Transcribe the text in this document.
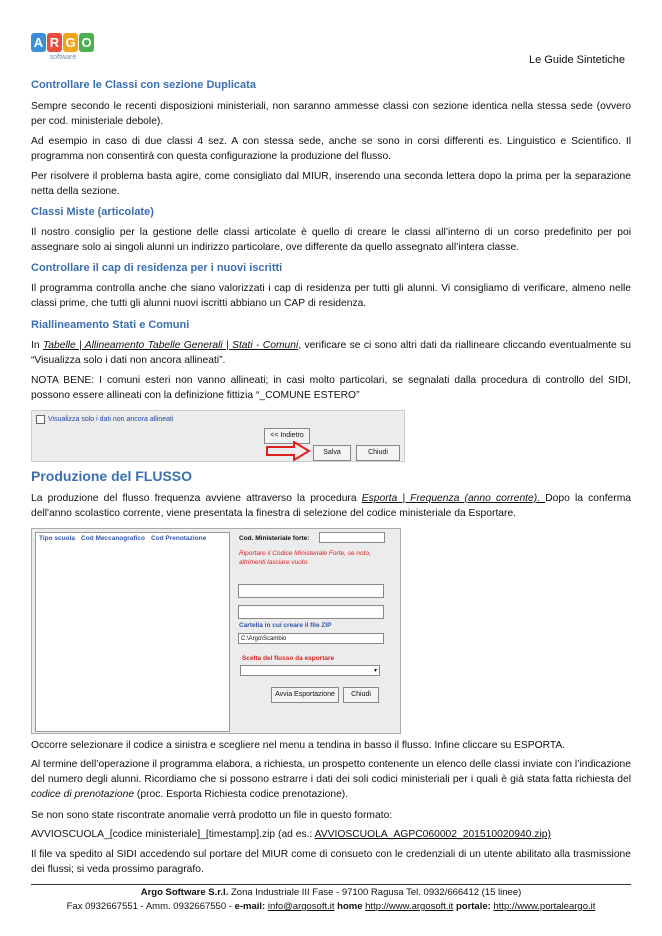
A R G O
software	Le Guide Sintetiche
Controllare le Classi con sezione Duplicata

Sempre secondo le recenti disposizioni ministeriali, non saranno ammesse classi con sezione identica nella stessa sede (ovvero per cod. ministeriale debole).

Ad esempio in caso di due classi 4 sez. A con stessa sede, anche se sono in corsi differenti es. Linguistico e Scientifico. Il programma non consentirà con questa configurazione la produzione del flusso.

Per risolvere il problema basta agire, come consigliato dal MIUR, inserendo una seconda lettera dopo la prima per la separazione netta della sezione.

Classi Miste (articolate)

Il nostro consiglio per la gestione delle classi articolate è quello di creare le classi all’interno di un corso predefinito per poi assegnare solo ai singoli alunni un indirizzo particolare, ove differente da quello assegnato all’intera classe.

Controllare il cap di residenza per i nuovi iscritti

Il programma controlla anche che siano valorizzati i cap di residenza per tutti gli alunni. Vi consigliamo di verificare, almeno nelle classi prime, che tutti gli alunni nuovi iscritti abbiano un CAP di residenza.

Riallineamento Stati e Comuni

In Tabelle | Allineamento Tabelle Generali | Stati - Comuni, verificare se ci sono altri dati da riallineare cliccando eventualmente su “Visualizza solo i dati non ancora allineati”.

NOTA BENE: I comuni esteri non vanno allineati; in casi molto particolari, se segnalati dalla procedura di controllo del SIDI, possono essere allineati con la definizione fittizia “_COMUNE ESTERO”

Visualizza solo i dati non ancora allineati
<< Indietro
Salva	Chiudi
Produzione del FLUSSO

La produzione del flusso frequenza avviene attraverso la procedura Esporta | Frequenza (anno corrente). Dopo la conferma dell'anno scolastico corrente, viene presentata la finestra di selezione del codice ministeriale da Esportare.

Tipo scuola Cod Meccanografico Cod Prenotazione	Cod. Ministeriale forte:
Riportare il Codice Ministeriale Forte, se noto, altrimenti lasciare vuoto.
Cartella in cui creare il file ZIP
C:\Argo\Scambio
Scelta del flusso da esportare
▾
Avvia Esportazione	Chiudi

Occorre selezionare il codice a sinistra e scegliere nel menu a tendina in basso il flusso. Infine cliccare su ESPORTA.

Al termine dell’operazione il programma elabora, a richiesta, un prospetto contenente un elenco delle classi inviate con l’indicazione del numero degli alunni. Ricordiamo che si possono estrarre i dati dei soli codici ministeriali per i quali è già stata fatta richiesta del codice di prenotazione (proc. Esporta Richiesta codice prenotazione).

Se non sono state riscontrate anomalie verrà prodotto un file in questo formato:

AVVIOSCUOLA_[codice ministeriale]_[timestamp].zip (ad es.: AVVIOSCUOLA_AGPC060002_201510020940.zip)

Il file va spedito al SIDI accedendo sul portare del MIUR come di consueto con le credenziali di un utente abilitato alla trasmissione dei flussi; si veda prossimo paragrafo.

Argo Software S.r.l. Zona Industriale III Fase - 97100 Ragusa Tel. 0932/666412 (15 linee)
Fax 0932667551 - Amm. 0932667550 - e-mail: info@argosoft.it home http://www.argosoft.it portale: http://www.portaleargo.it
